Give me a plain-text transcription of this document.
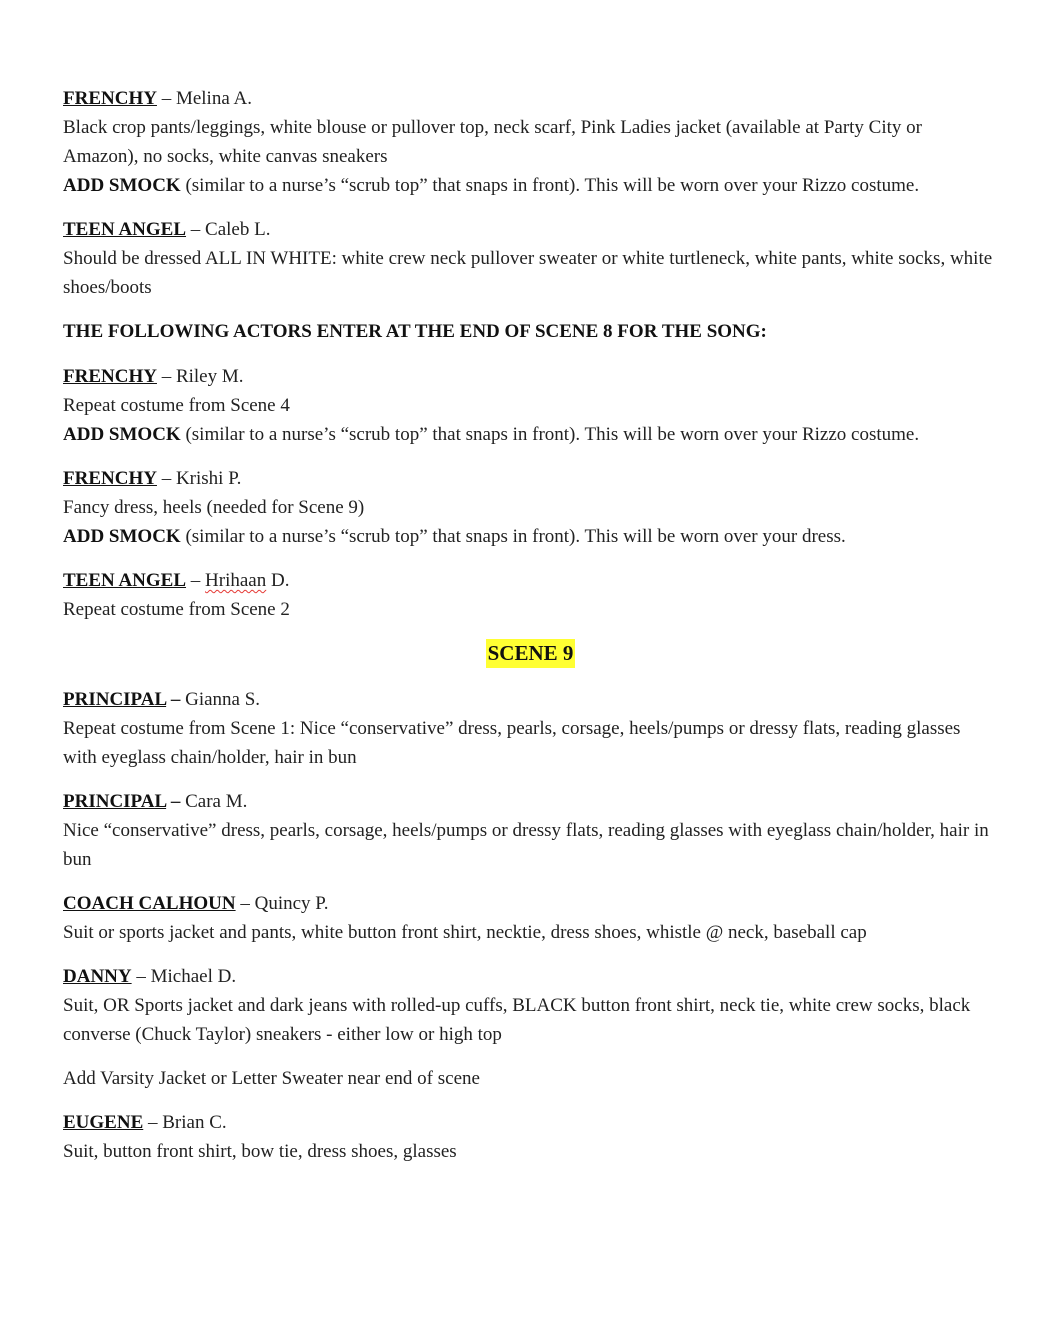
FRENCHY – Melina A.

Black crop pants/leggings, white blouse or pullover top, neck scarf, Pink Ladies jacket (available at Party City or Amazon), no socks, white canvas sneakers

ADD SMOCK (similar to a nurse’s “scrub top” that snaps in front). This will be worn over your Rizzo costume.

TEEN ANGEL – Caleb L.

Should be dressed ALL IN WHITE: white crew neck pullover sweater or white turtleneck, white pants, white socks, white shoes/boots

THE FOLLOWING ACTORS ENTER AT THE END OF SCENE 8 FOR THE SONG:

FRENCHY – Riley M.

Repeat costume from Scene 4

ADD SMOCK (similar to a nurse’s “scrub top” that snaps in front). This will be worn over your Rizzo costume.

FRENCHY – Krishi P.

Fancy dress, heels (needed for Scene 9)

ADD SMOCK (similar to a nurse’s “scrub top” that snaps in front). This will be worn over your dress.

TEEN ANGEL – Hrihaan D.

Repeat costume from Scene 2

SCENE 9

PRINCIPAL – Gianna S.

Repeat costume from Scene 1: Nice “conservative” dress, pearls, corsage, heels/pumps or dressy flats, reading glasses with eyeglass chain/holder, hair in bun

PRINCIPAL – Cara M.

Nice “conservative” dress, pearls, corsage, heels/pumps or dressy flats, reading glasses with eyeglass chain/holder, hair in bun

COACH CALHOUN – Quincy P.

Suit or sports jacket and pants, white button front shirt, necktie, dress shoes, whistle @ neck, baseball cap

DANNY – Michael D.

Suit, OR Sports jacket and dark jeans with rolled-up cuffs, BLACK button front shirt, neck tie, white crew socks, black converse (Chuck Taylor) sneakers - either low or high top

Add Varsity Jacket or Letter Sweater near end of scene

EUGENE – Brian C.

Suit, button front shirt, bow tie, dress shoes, glasses
